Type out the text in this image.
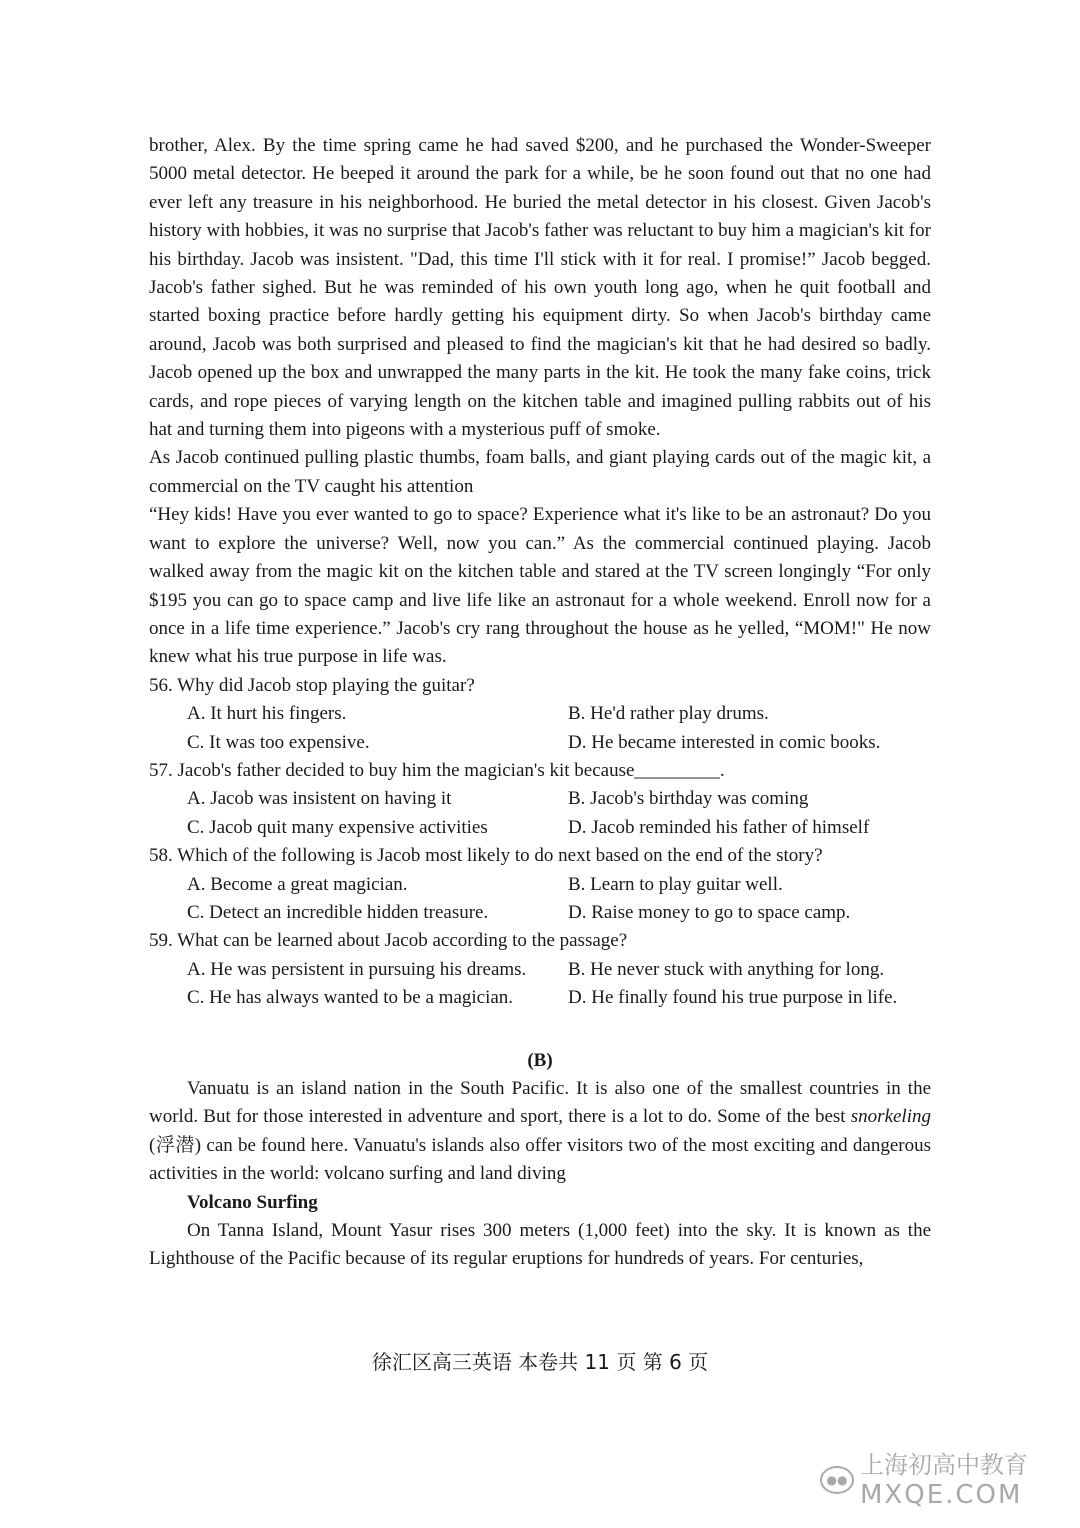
brother, Alex. By the time spring came he had saved $200, and he purchased the Wonder-Sweeper 5000 metal detector. He beeped it around the park for a while, be he soon found out that no one had ever left any treasure in his neighborhood. He buried the metal detector in his closest. Given Jacob's history with hobbies, it was no surprise that Jacob's father was reluctant to buy him a magician's kit for his birthday. Jacob was insistent. "Dad, this time I'll stick with it for real. I promise!” Jacob begged. Jacob's father sighed. But he was reminded of his own youth long ago, when he quit football and started boxing practice before hardly getting his equipment dirty. So when Jacob's birthday came around, Jacob was both surprised and pleased to find the magician's kit that he had desired so badly. Jacob opened up the box and unwrapped the many parts in the kit. He took the many fake coins, trick cards, and rope pieces of varying length on the kitchen table and imagined pulling rabbits out of his hat and turning them into pigeons with a mysterious puff of smoke.

As Jacob continued pulling plastic thumbs, foam balls, and giant playing cards out of the magic kit, a commercial on the TV caught his attention

“Hey kids! Have you ever wanted to go to space? Experience what it's like to be an astronaut? Do you want to explore the universe? Well, now you can.” As the commercial continued playing. Jacob walked away from the magic kit on the kitchen table and stared at the TV screen longingly “For only $195 you can go to space camp and live life like an astronaut for a whole weekend. Enroll now for a once in a life time experience.” Jacob's cry rang throughout the house as he yelled, “MOM!" He now knew what his true purpose in life was.

56. Why did Jacob stop playing the guitar?

A. It hurt his fingers.	B. He'd rather play drums.
C. It was too expensive.	D. He became interested in comic books.

57. Jacob's father decided to buy him the magician's kit because_________.

A. Jacob was insistent on having it	B. Jacob's birthday was coming
C. Jacob quit many expensive activities	D. Jacob reminded his father of himself

58. Which of the following is Jacob most likely to do next based on the end of the story?

A. Become a great magician.	B. Learn to play guitar well.
C. Detect an incredible hidden treasure.	D. Raise money to go to space camp.

59. What can be learned about Jacob according to the passage?

A. He was persistent in pursuing his dreams.	B. He never stuck with anything for long.
C. He has always wanted to be a magician.	D. He finally found his true purpose in life.
(B)

Vanuatu is an island nation in the South Pacific. It is also one of the smallest countries in the world. But for those interested in adventure and sport, there is a lot to do. Some of the best snorkeling (浮潜) can be found here. Vanuatu's islands also offer visitors two of the most exciting and dangerous activities in the world: volcano surfing and land diving

Volcano Surfing

On Tanna Island, Mount Yasur rises 300 meters (1,000 feet) into the sky. It is known as the Lighthouse of the Pacific because of its regular eruptions for hundreds of years. For centuries,

徐汇区高三英语 本卷共 11 页 第 6 页
●●
上海初高中教育
MXQE.COM
